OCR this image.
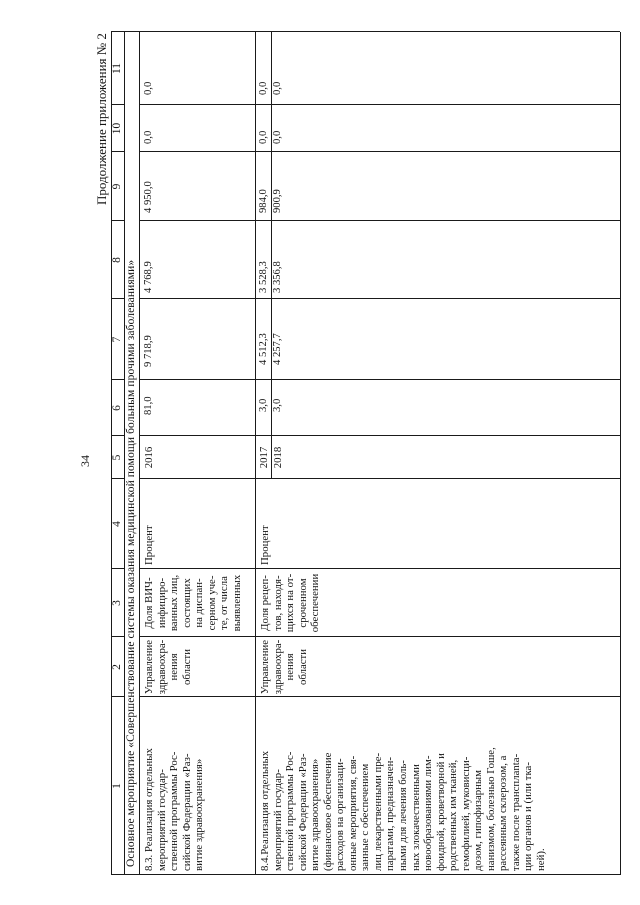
34
Продолжение приложения № 2
1
2
3
4
5
6
7
8
9
10
11
Основное мероприятие «Совершенствование системы оказания медицинской помощи больным прочими заболеваниями» 8.3. Реализация отдельных мероприятий государ- ственной программы Рос- сийской Федерации «Раз- витие здравоохранения»
Управление здравоохра- нения области
Доля ВИЧ- инфициро- ванных лиц, состоящих на диспан- серном уче- те, от числа выявленных
Процент
2016
81,0
9 718,9
4 768,9
4 950,0
0,0
0,0
8.4.Реализация отдельных мероприятий государ- ственной программы Рос- сийской Федерации «Раз- витие здравоохранения» (финансовое обеспечение расходов на организаци- онные мероприятия, свя- занные с обеспечением лиц лекарственными пре- паратами, предназначен- ными для лечения боль- ных злокачественными новообразованиями лим- фоидной, кроветворной и родственных им тканей, гемофилией, муковисци- дозом, гипофизарным нанизмом, болезнью Гоше, рассеянным склерозом, а также после трансплanta- ции органов и (или тка- ней).
Управление здравоохра- нения области
Доля рецеп- тов, находя- щихся на от- сроченном обеспечении
Процент
2017
3,0
4 512,3
3 528,3
984,0
0,0
0,0
2018
3,0
4 257,7
3 356,8
900,9
0,0
0,0
